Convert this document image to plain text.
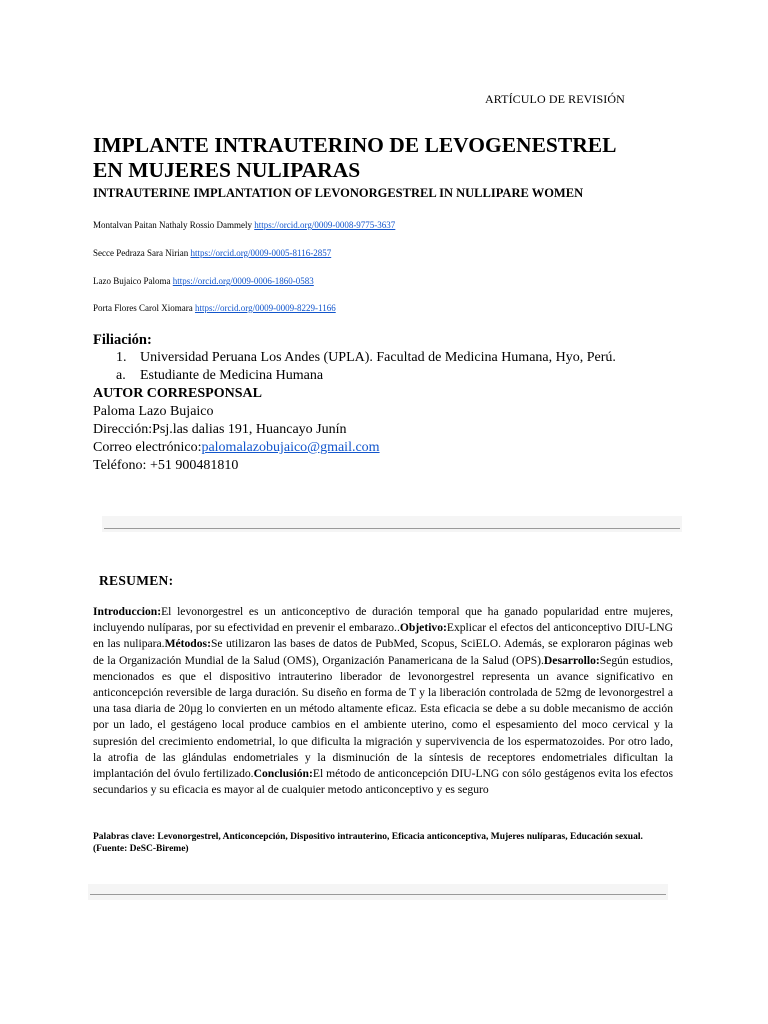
ARTÍCULO DE REVISIÓN
IMPLANTE INTRAUTERINO DE LEVOGENESTREL
EN MUJERES NULIPARAS
INTRAUTERINE IMPLANTATION OF LEVONORGESTREL IN NULLIPARE WOMEN
Montalvan Paitan Nathaly Rossio Dammely https://orcid.org/0009-0008-9775-3637
Secce Pedraza Sara Nirian https://orcid.org/0009-0005-8116-2857
Lazo Bujaico Paloma https://orcid.org/0009-0006-1860-0583
Porta Flores Carol Xiomara https://orcid.org/0009-0009-8229-1166
Filiación:
1. Universidad Peruana Los Andes (UPLA). Facultad de Medicina Humana, Hyo, Perú.
a. Estudiante de Medicina Humana
AUTOR CORRESPONSAL
Paloma Lazo Bujaico
Dirección:Psj.las dalias 191, Huancayo Junín
Correo electrónico:palomalazobujaico@gmail.com
Teléfono: +51 900481810
RESUMEN:
Introduccion:El levonorgestrel es un anticonceptivo de duración temporal que ha ganado popularidad entre mujeres, incluyendo nulíparas, por su efectividad en prevenir el embarazo..Objetivo:Explicar el efectos del anticonceptivo DIU-LNG en las nulipara.Métodos:Se utilizaron las bases de datos de PubMed, Scopus, SciELO. Además, se exploraron páginas web de la Organización Mundial de la Salud (OMS), Organización Panamericana de la Salud (OPS).Desarrollo:Según estudios, mencionados es que el dispositivo intrauterino liberador de levonorgestrel representa un avance significativo en anticoncepción reversible de larga duración. Su diseño en forma de T y la liberación controlada de 52mg de levonorgestrel a una tasa diaria de 20µg lo convierten en un método altamente eficaz. Esta eficacia se debe a su doble mecanismo de acción por un lado, el gestágeno local produce cambios en el ambiente uterino, como el espesamiento del moco cervical y la supresión del crecimiento endometrial, lo que dificulta la migración y supervivencia de los espermatozoides. Por otro lado, la atrofia de las glándulas endometriales y la disminución de la síntesis de receptores endometriales dificultan la implantación del óvulo fertilizado.Conclusión:El método de anticoncepción DIU-LNG con sólo gestágenos evita los efectos secundarios y su eficacia es mayor al de cualquier metodo anticonceptivo y es seguro
Palabras clave: Levonorgestrel, Anticoncepción, Dispositivo intrauterino, Eficacia anticonceptiva, Mujeres nulíparas, Educación sexual.(Fuente: DeSC-Bireme)
